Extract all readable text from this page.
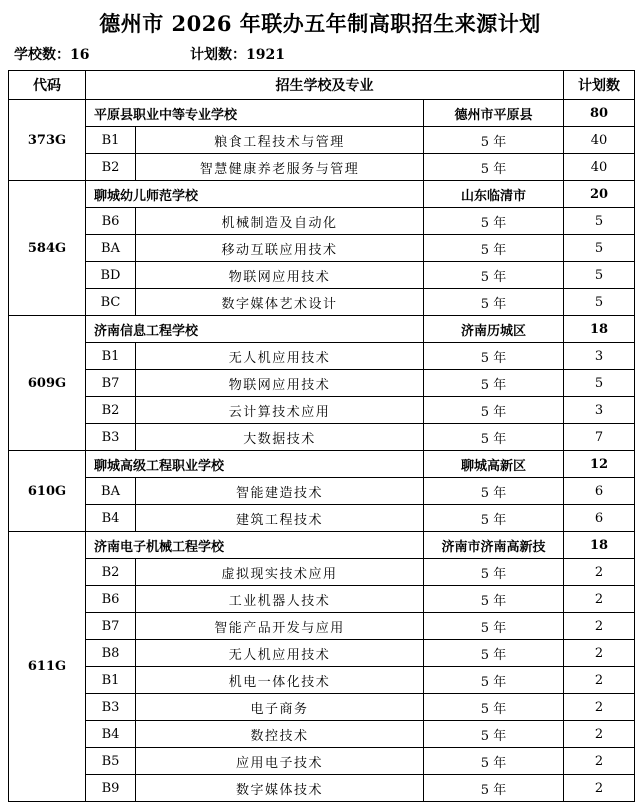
德州市 2026 年联办五年制高职招生来源计划
学校数：16	计划数：1921
代码	招生学校及专业			计划数
373G	平原县职业中等专业学校		德州市平原县	80
	B1	粮食工程技术与管理	5 年	40
	B2	智慧健康养老服务与管理	5 年	40
584G	聊城幼儿师范学校		山东临清市	20
	B6	机械制造及自动化	5 年	5
	BA	移动互联应用技术	5 年	5
	BD	物联网应用技术	5 年	5
	BC	数字媒体艺术设计	5 年	5
609G	济南信息工程学校		济南历城区	18
	B1	无人机应用技术	5 年	3
	B7	物联网应用技术	5 年	5
	B2	云计算技术应用	5 年	3
	B3	大数据技术	5 年	7
610G	聊城高级工程职业学校		聊城高新区	12
	BA	智能建造技术	5 年	6
	B4	建筑工程技术	5 年	6
611G	济南电子机械工程学校		济南市济南高新技	18
	B2	虚拟现实技术应用	5 年	2
	B6	工业机器人技术	5 年	2
	B7	智能产品开发与应用	5 年	2
	B8	无人机应用技术	5 年	2
	B1	机电一体化技术	5 年	2
	B3	电子商务	5 年	2
	B4	数控技术	5 年	2
	B5	应用电子技术	5 年	2
	B9	数字媒体技术	5 年	2
